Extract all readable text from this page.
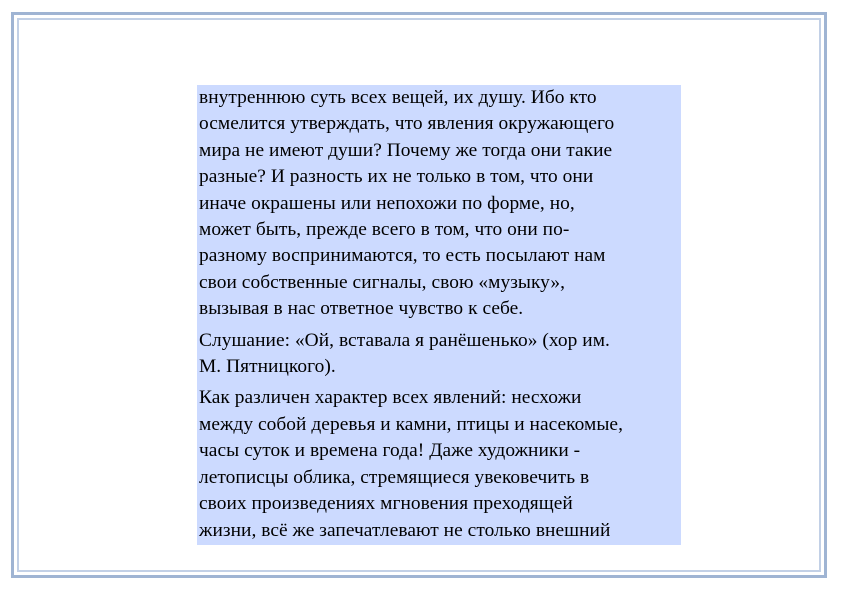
внутреннюю суть всех вещей, их душу. Ибо кто
осмелится утверждать, что явления окружающего
мира не имеют души? Почему же тогда они такие
разные? И разность их не только в том, что они
иначе окрашены или непохожи по форме, но,
может быть, прежде всего в том, что они по-
разному воспринимаются, то есть посылают нам
свои собственные сигналы, свою «музыку»,
вызывая в нас ответное чувство к себе.

Слушание: «Ой, вставала я ранёшенько» (хор им.
М. Пятницкого).

Как различен характер всех явлений: несхожи
между собой деревья и камни, птицы и насекомые,
часы суток и времена года! Даже художники -
летописцы облика, стремящиеся увековечить в
своих произведениях мгновения преходящей
жизни, всё же запечатлевают не столько внешний
